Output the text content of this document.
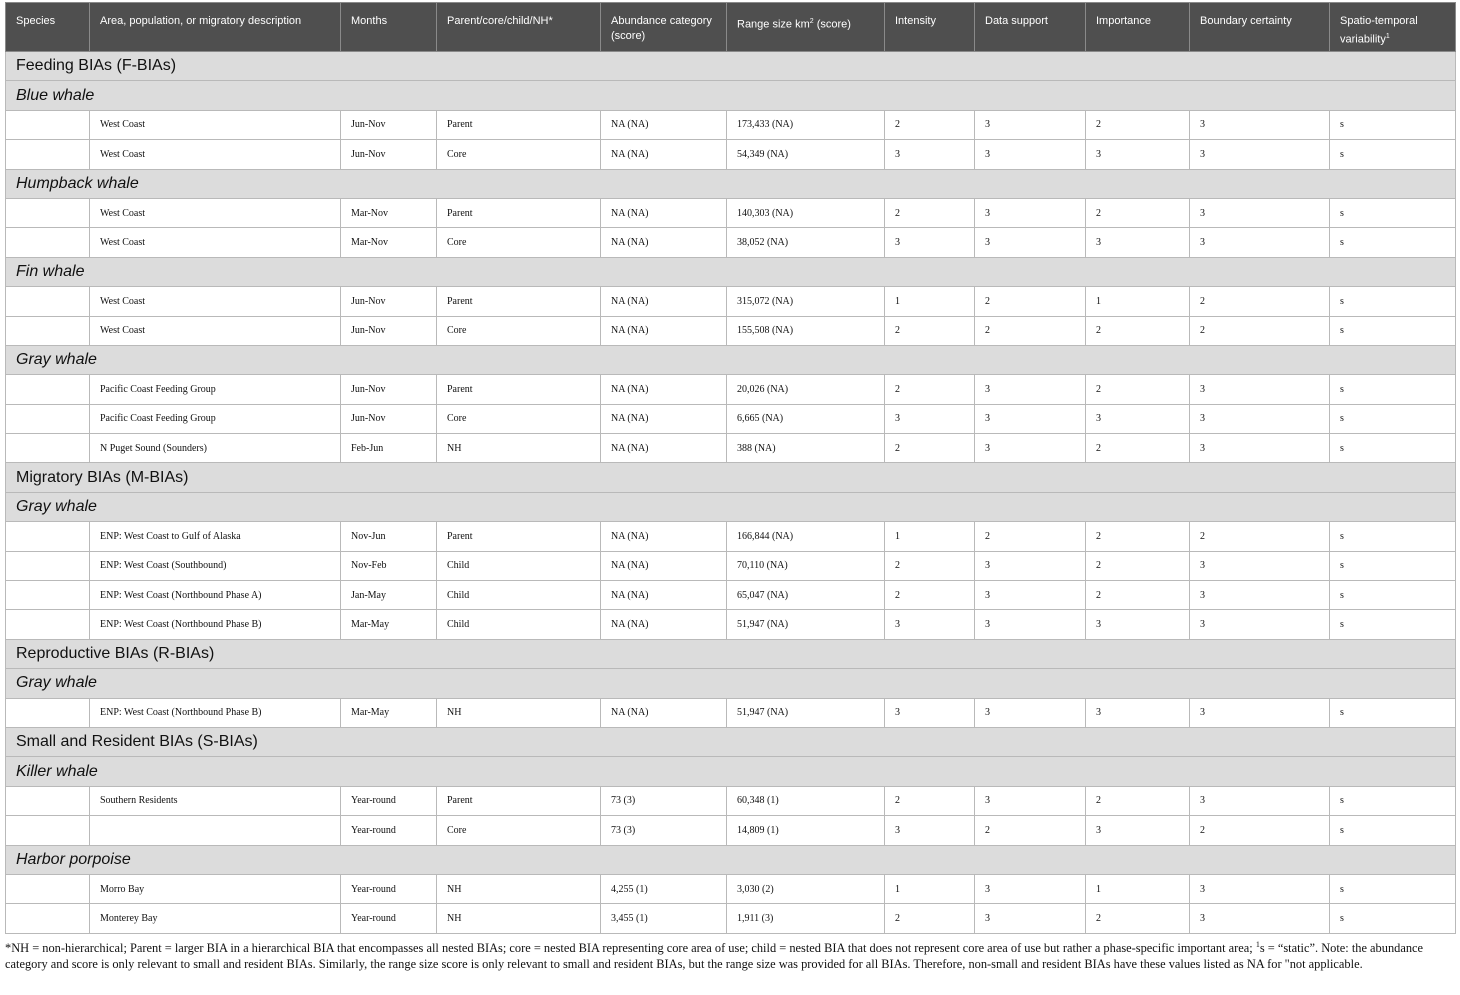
Species	Area, population, or migratory description	Months	Parent/core/child/NH*	Abundance category (score)	Range size $km^2$ (score)	Intensity	Data support	Importance	Boundary certainty	Spatio-temporal variability$^1$
Feeding BIAs (F-BIAs)										
Blue whale										
	West Coast	Jun-Nov	Parent	NA (NA)	173,433 (NA)	2	3	2	3	s
	West Coast	Jun-Nov	Core	NA (NA)	54,349 (NA)	3	3	3	3	s
Humpback whale										
	West Coast	Mar-Nov	Parent	NA (NA)	140,303 (NA)	2	3	2	3	s
	West Coast	Mar-Nov	Core	NA (NA)	38,052 (NA)	3	3	3	3	s
Fin whale										
	West Coast	Jun-Nov	Parent	NA (NA)	315,072 (NA)	1	2	1	2	s
	West Coast	Jun-Nov	Core	NA (NA)	155,508 (NA)	2	2	2	2	s
Gray whale										
	Pacific Coast Feeding Group	Jun-Nov	Parent	NA (NA)	20,026 (NA)	2	3	2	3	s
	Pacific Coast Feeding Group	Jun-Nov	Core	NA (NA)	6,665 (NA)	3	3	3	3	s
	N Puget Sound (Sounders)	Feb-Jun	NH	NA (NA)	388 (NA)	2	3	2	3	s
Migratory BIAs (M-BIAs)										
Gray whale										
	ENP: West Coast to Gulf of Alaska	Nov-Jun	Parent	NA (NA)	166,844 (NA)	1	2	2	2	s
	ENP: West Coast (Southbound)	Nov-Feb	Child	NA (NA)	70,110 (NA)	2	3	2	3	s
	ENP: West Coast (Northbound Phase A)	Jan-May	Child	NA (NA)	65,047 (NA)	2	3	2	3	s
	ENP: West Coast (Northbound Phase B)	Mar-May	Child	NA (NA)	51,947 (NA)	3	3	3	3	s
Reproductive BIAs (R-BIAs)										
Gray whale										
	ENP: West Coast (Northbound Phase B)	Mar-May	NH	NA (NA)	51,947 (NA)	3	3	3	3	s
Small and Resident BIAs (S-BIAs)										
Killer whale										
	Southern Residents	Year-round	Parent	73 (3)	60,348 (1)	2	3	2	3	s
		Year-round	Core	73 (3)	14,809 (1)	3	2	3	2	s
Harbor porpoise										
	Morro Bay	Year-round	NH	4,255 (1)	3,030 (2)	1	3	1	3	s
	Monterey Bay	Year-round	NH	3,455 (1)	1,911 (3)	2	3	2	3	s
*NH = non-hierarchical; Parent = larger BIA in a hierarchical BIA that encompasses all nested BIAs; core = nested BIA representing core area of use; child = nested BIA that does not represent core area of use but rather a phase-specific important area; $^1$s = “static”. Note: the abundance category and score is only relevant to small and resident BIAs. Similarly, the range size score is only relevant to small and resident BIAs, but the range size was provided for all BIAs. Therefore, non-small and resident BIAs have these values listed as NA for "not applicable.
